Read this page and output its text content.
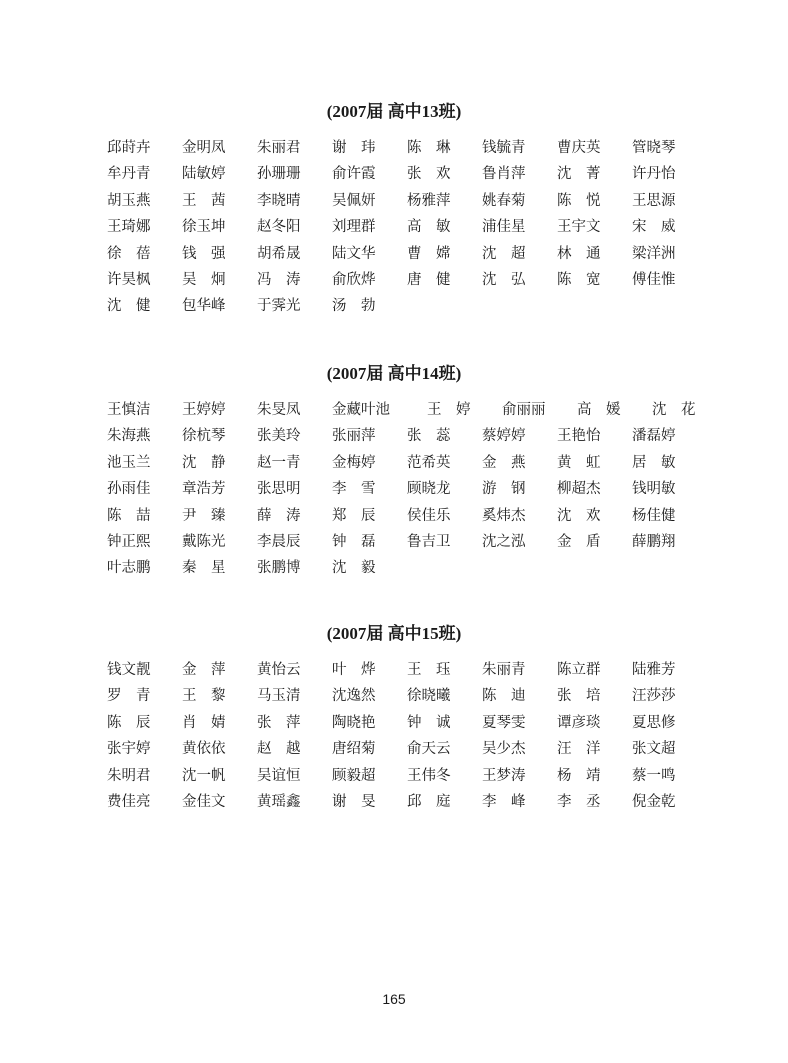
(2007届 高中13班)
邱莳卉 金明凤 朱丽君 谢　玮 陈　琳 钱毓青 曹庆英 管晓琴
牟丹青 陆敏婷 孙珊珊 俞许霞 张　欢 鲁肖萍 沈　菁 许丹怡
胡玉燕 王　茜 李晓晴 吴佩妍 杨雅萍 姚春菊 陈　悦 王思源
王琦娜 徐玉坤 赵冬阳 刘理群 高　敏 浦佳星 王宇文 宋　威
徐　蓓 钱　强 胡希晟 陆文华 曹　嫦 沈　超 林　通 梁洋洲
许昊枫 吴　炯 冯　涛 俞欣烨 唐　健 沈　弘 陈　宽 傅佳惟
沈　健 包华峰 于霁光 汤　勃
(2007届 高中14班)
王慎洁 王婷婷 朱旻凤 金藏叶池	王　婷 俞丽丽 高　媛 沈　花
朱海燕 徐杭琴 张美玲 张丽萍 张　蕊 蔡婷婷 王艳怡 潘磊婷
池玉兰 沈　静 赵一青 金梅婷 范希英 金　燕 黄　虹 居　敏
孙雨佳 章浩芳 张思明 李　雪 顾晓龙 游　钢 柳超杰 钱明敏
陈　喆 尹　臻 薛　涛 郑　辰 侯佳乐 奚炜杰 沈　欢 杨佳健
钟正熙 戴陈光 李晨辰 钟　磊 鲁吉卫 沈之泓 金　盾 薛鹏翔
叶志鹏 秦　星 张鹏博 沈　毅
(2007届 高中15班)
钱文靓 金　萍 黄怡云 叶　烨 王　珏 朱丽青 陈立群 陆雅芳
罗　青 王　黎 马玉清 沈逸然 徐晓曦 陈　迪 张　培 汪莎莎
陈　辰 肖　婧 张　萍 陶晓艳 钟　诚 夏琴雯 谭彦琰 夏思修
张宇婷 黄依依 赵　越 唐绍菊 俞天云 吴少杰 汪　洋 张文超
朱明君 沈一帆 吴谊恒 顾毅超 王伟冬 王梦涛 杨　靖 蔡一鸣
费佳亮 金佳文 黄瑶鑫 谢　旻 邱　庭 李　峰 李　丞 倪金乾
165
